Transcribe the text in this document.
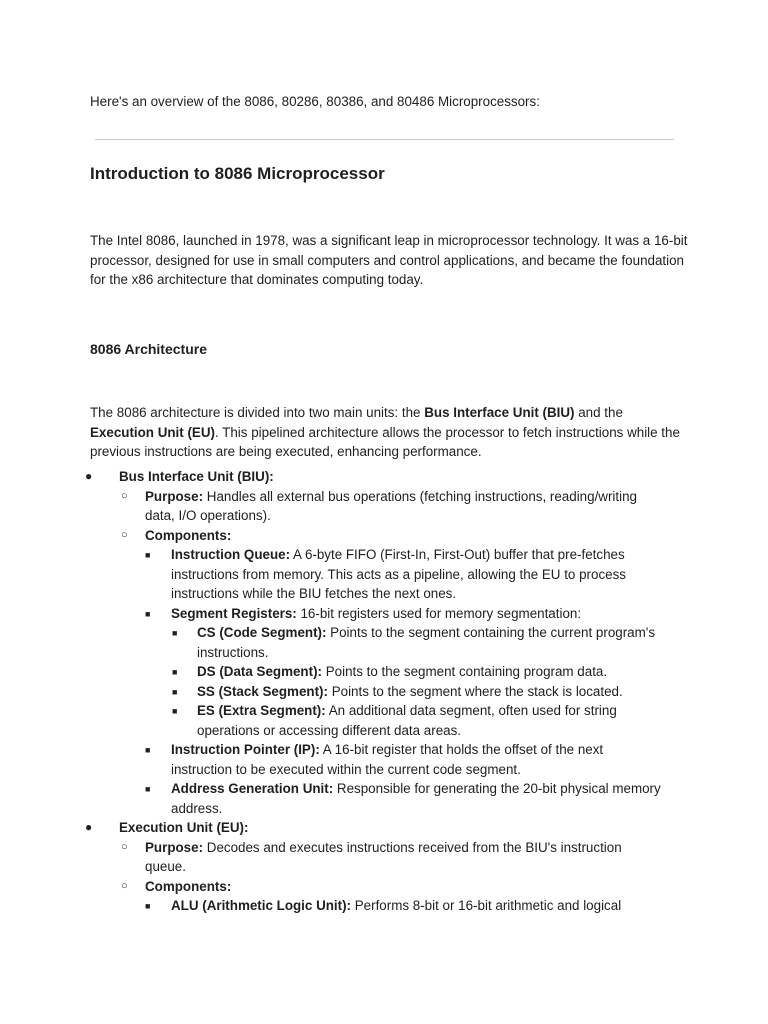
Here's an overview of the 8086, 80286, 80386, and 80486 Microprocessors:
Introduction to 8086 Microprocessor

The Intel 8086, launched in 1978, was a significant leap in microprocessor technology. It was a 16-bit processor, designed for use in small computers and control applications, and became the foundation for the x86 architecture that dominates computing today.

8086 Architecture

The 8086 architecture is divided into two main units: the Bus Interface Unit (BIU) and the Execution Unit (EU). This pipelined architecture allows the processor to fetch instructions while the previous instructions are being executed, enhancing performance.

● Bus Interface Unit (BIU):
○ Purpose: Handles all external bus operations (fetching instructions, reading/writing data, I/O operations).
○ Components:
■ Instruction Queue: A 6-byte FIFO (First-In, First-Out) buffer that pre-fetches instructions from memory. This acts as a pipeline, allowing the EU to process instructions while the BIU fetches the next ones.
■ Segment Registers: 16-bit registers used for memory segmentation:
■ CS (Code Segment): Points to the segment containing the current program's instructions.
■ DS (Data Segment): Points to the segment containing program data.
■ SS (Stack Segment): Points to the segment where the stack is located.
■ ES (Extra Segment): An additional data segment, often used for string operations or accessing different data areas.
■ Instruction Pointer (IP): A 16-bit register that holds the offset of the next instruction to be executed within the current code segment.
■ Address Generation Unit: Responsible for generating the 20-bit physical memory address.
● Execution Unit (EU):
○ Purpose: Decodes and executes instructions received from the BIU's instruction queue.
○ Components:
■ ALU (Arithmetic Logic Unit): Performs 8-bit or 16-bit arithmetic and logical
